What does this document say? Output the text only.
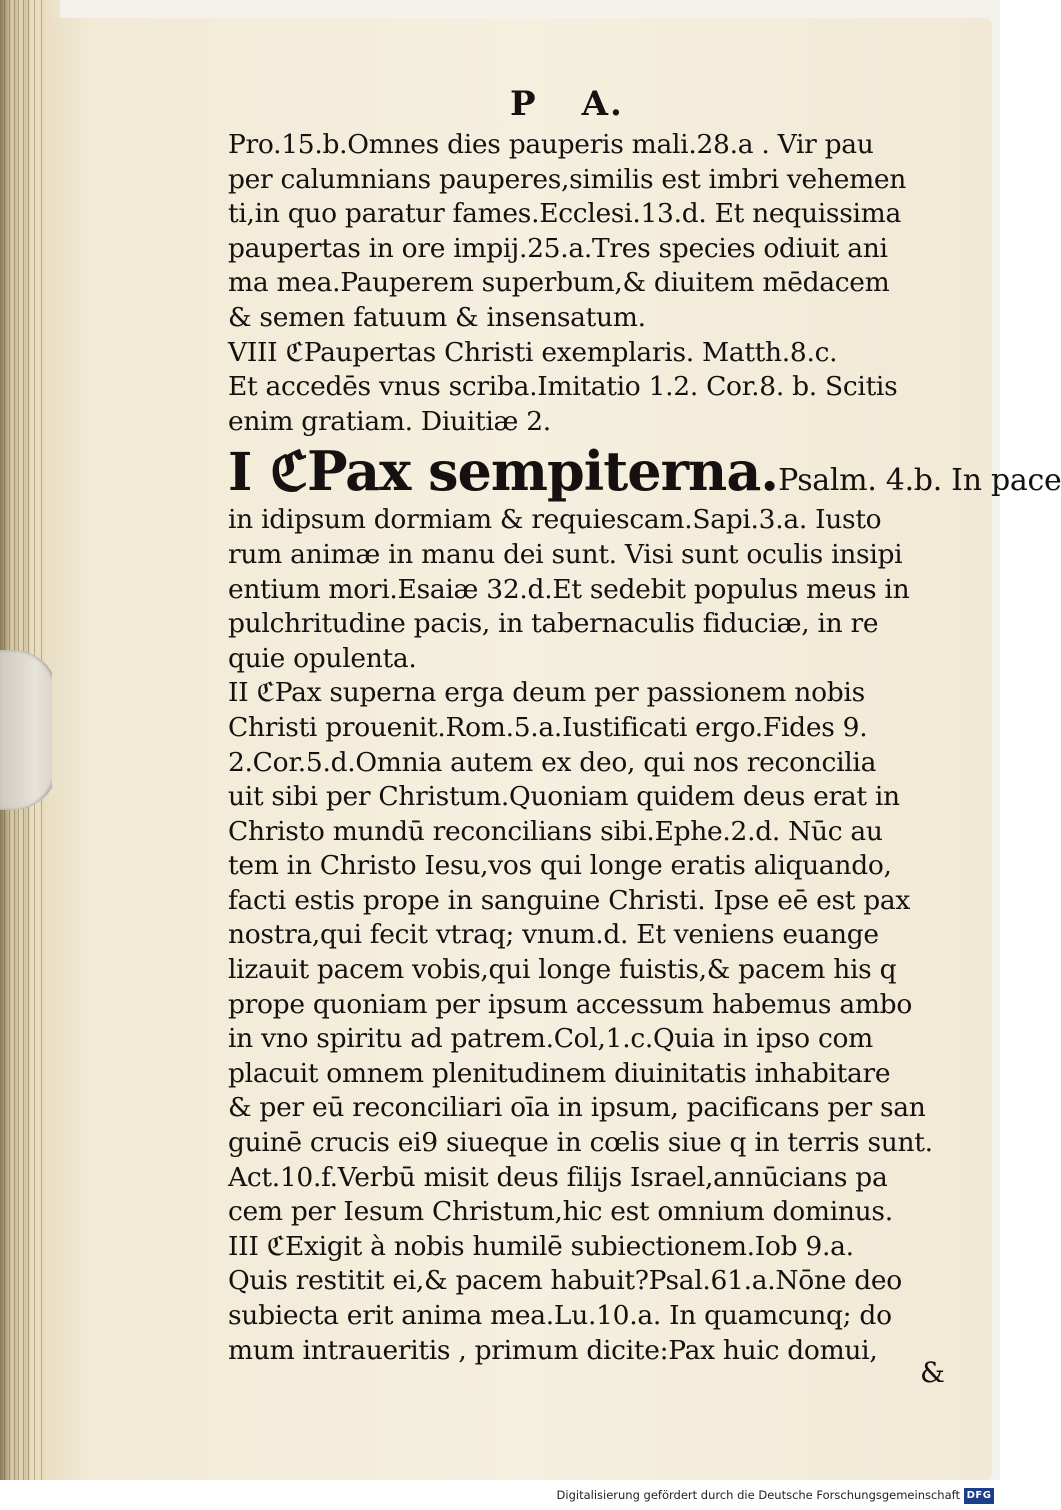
P A.
Pro.15.b.Omnes dies pauperis mali.28.a . Vir pau
per calumnians pauperes,similis est imbri vehemen
ti,in quo paratur fames.Ecclesi.13.d. Et nequissima
paupertas in ore impij.25.a.Tres species odiuit ani
ma mea.Pauperem superbum,& diuitem mēdacem
& semen fatuum & insensatum.
VIII ℭPaupertas Christi exemplaris. Matth.8.c.
Et accedēs vnus scriba.Imitatio 1.2. Cor.8. b. Scitis
enim gratiam. Diuitiæ 2.
I ℭPax sempiterna.Psalm. 4.b. In pace
in idipsum dormiam & requiescam.Sapi.3.a. Iusto
rum animæ in manu dei sunt. Visi sunt oculis insipi
entium mori.Esaiæ 32.d.Et sedebit populus meus in
pulchritudine pacis, in tabernaculis fiduciæ, in re
quie opulenta.
II ℭPax superna erga deum per passionem nobis
Christi prouenit.Rom.5.a.Iustificati ergo.Fides 9.
2.Cor.5.d.Omnia autem ex deo, qui nos reconcilia
uit sibi per Christum.Quoniam quidem deus erat in
Christo mundū reconcilians sibi.Ephe.2.d. Nūc au
tem in Christo Iesu,vos qui longe eratis aliquando,
facti estis prope in sanguine Christi. Ipse eē est pax
nostra,qui fecit vtraq; vnum.d. Et veniens euange
lizauit pacem vobis,qui longe fuistis,& pacem his q
prope quoniam per ipsum accessum habemus ambo
in vno spiritu ad patrem.Col,1.c.Quia in ipso com
placuit omnem plenitudinem diuinitatis inhabitare
& per eū reconciliari oīa in ipsum, pacificans per san
guinē crucis ei9 siueque in cœlis siue q in terris sunt.
Act.10.f.Verbū misit deus filijs Israel,annūcians pa
cem per Iesum Christum,hic est omnium dominus.
III ℭExigit à nobis humilē subiectionem.Iob 9.a.
Quis restitit ei,& pacem habuit?Psal.61.a.Nōne deo
subiecta erit anima mea.Lu.10.a. In quamcunq; do
mum intraueritis , primum dicite:Pax huic domui,
&
Digitalisierung gefördert durch die Deutsche Forschungsgemeinschaft DFG
